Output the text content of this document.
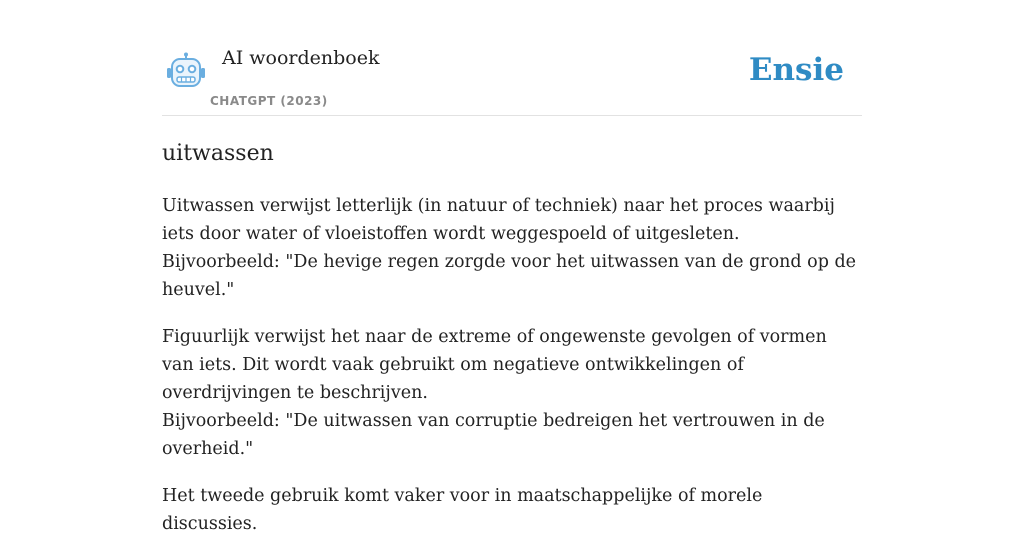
AI woordenboek
CHATGPT (2023)
Ensie
uitwassen

Uitwassen verwijst letterlijk (in natuur of techniek) naar het proces waarbij iets door water of vloeistoffen wordt weggespoeld of uitgesleten.
Bijvoorbeeld: "De hevige regen zorgde voor het uitwassen van de grond op de heuvel."

Figuurlijk verwijst het naar de extreme of ongewenste gevolgen of vormen van iets. Dit wordt vaak gebruikt om negatieve ontwikkelingen of overdrijvingen te beschrijven.
Bijvoorbeeld: "De uitwassen van corruptie bedreigen het vertrouwen in de overheid."

Het tweede gebruik komt vaker voor in maatschappelijke of morele discussies.
